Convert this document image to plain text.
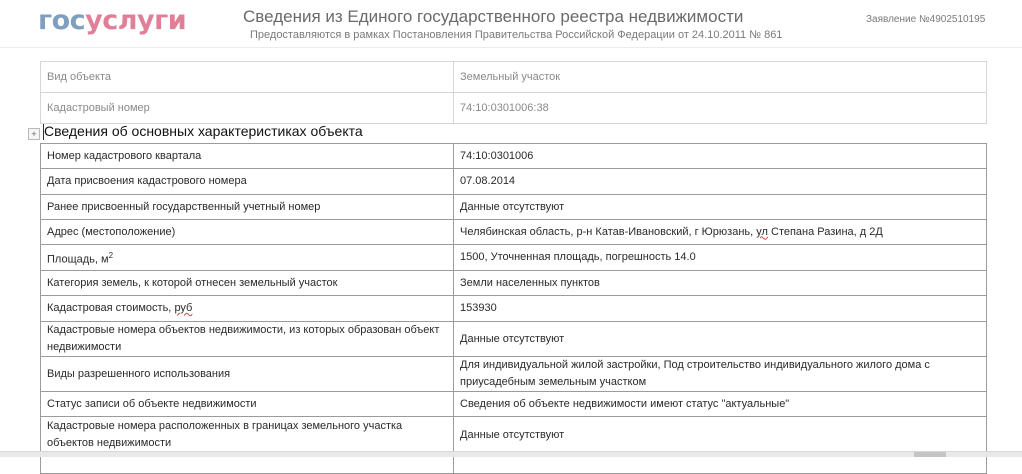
госуслуги	Сведения из Единого государственного реестра недвижимости
Предоставляются в рамках Постановления Правительства Российской Федерации от 24.10.2011 № 861
Заявление №4902510195
Вид объекта	Земельный участок
Кадастровый номер	74:10:0301006:38
+ Сведения об основных характеристиках объекта
Номер кадастрового квартала	74:10:0301006
Дата присвоения кадастрового номера	07.08.2014
Ранее присвоенный государственный учетный номер	Данные отсутствуют
Адрес (местоположение)	Челябинская область, р-н Катав-Ивановский, г Юрюзань, ул Степана Разина, д 2Д
Площадь, $м^2$	1500, Уточненная площадь, погрешность 14.0
Категория земель, к которой отнесен земельный участок	Земли населенных пунктов
Кадастровая стоимость, руб	153930
Кадастровые номера объектов недвижимости, из которых образован объект недвижимости	Данные отсутствуют
Виды разрешенного использования	Для индивидуальной жилой застройки, Под строительство индивидуального жилого дома с приусадебным земельным участком
Статус записи об объекте недвижимости	Сведения об объекте недвижимости имеют статус "актуальные"
Кадастровые номера расположенных в границах земельного участка объектов недвижимости	Данные отсутствуют
